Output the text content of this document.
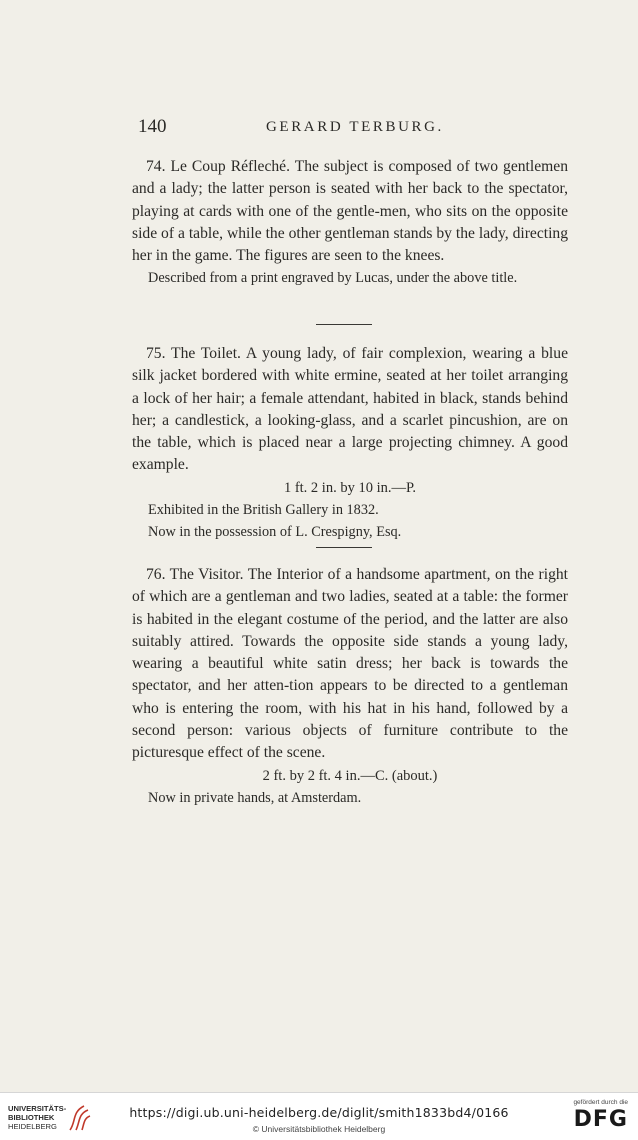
140	GERARD TERBURG.

74. Le Coup Réfleché. The subject is composed of two gentlemen and a lady; the latter person is seated with her back to the spectator, playing at cards with one of the gentle-men, who sits on the opposite side of a table, while the other gentleman stands by the lady, directing her in the game. The figures are seen to the knees.

Described from a print engraved by Lucas, under the above title.

75. The Toilet. A young lady, of fair complexion, wearing a blue silk jacket bordered with white ermine, seated at her toilet arranging a lock of her hair; a female attendant, habited in black, stands behind her; a candlestick, a looking-glass, and a scarlet pincushion, are on the table, which is placed near a large projecting chimney. A good example.

1 ft. 2 in. by 10 in.—P.

Exhibited in the British Gallery in 1832.

Now in the possession of L. Crespigny, Esq.

76. The Visitor. The Interior of a handsome apartment, on the right of which are a gentleman and two ladies, seated at a table: the former is habited in the elegant costume of the period, and the latter are also suitably attired. Towards the opposite side stands a young lady, wearing a beautiful white satin dress; her back is towards the spectator, and her atten-tion appears to be directed to a gentleman who is entering the room, with his hat in his hand, followed by a second person: various objects of furniture contribute to the picturesque effect of the scene.

2 ft. by 2 ft. 4 in.—C. (about.)

Now in private hands, at Amsterdam.

UNIVERSITÄTS-
BIBLIOTHEK
HEIDELBERG
https://digi.ub.uni-heidelberg.de/diglit/smith1833bd4/0166
© Universitätsbibliothek Heidelberg
gefördert durch die
DFG
